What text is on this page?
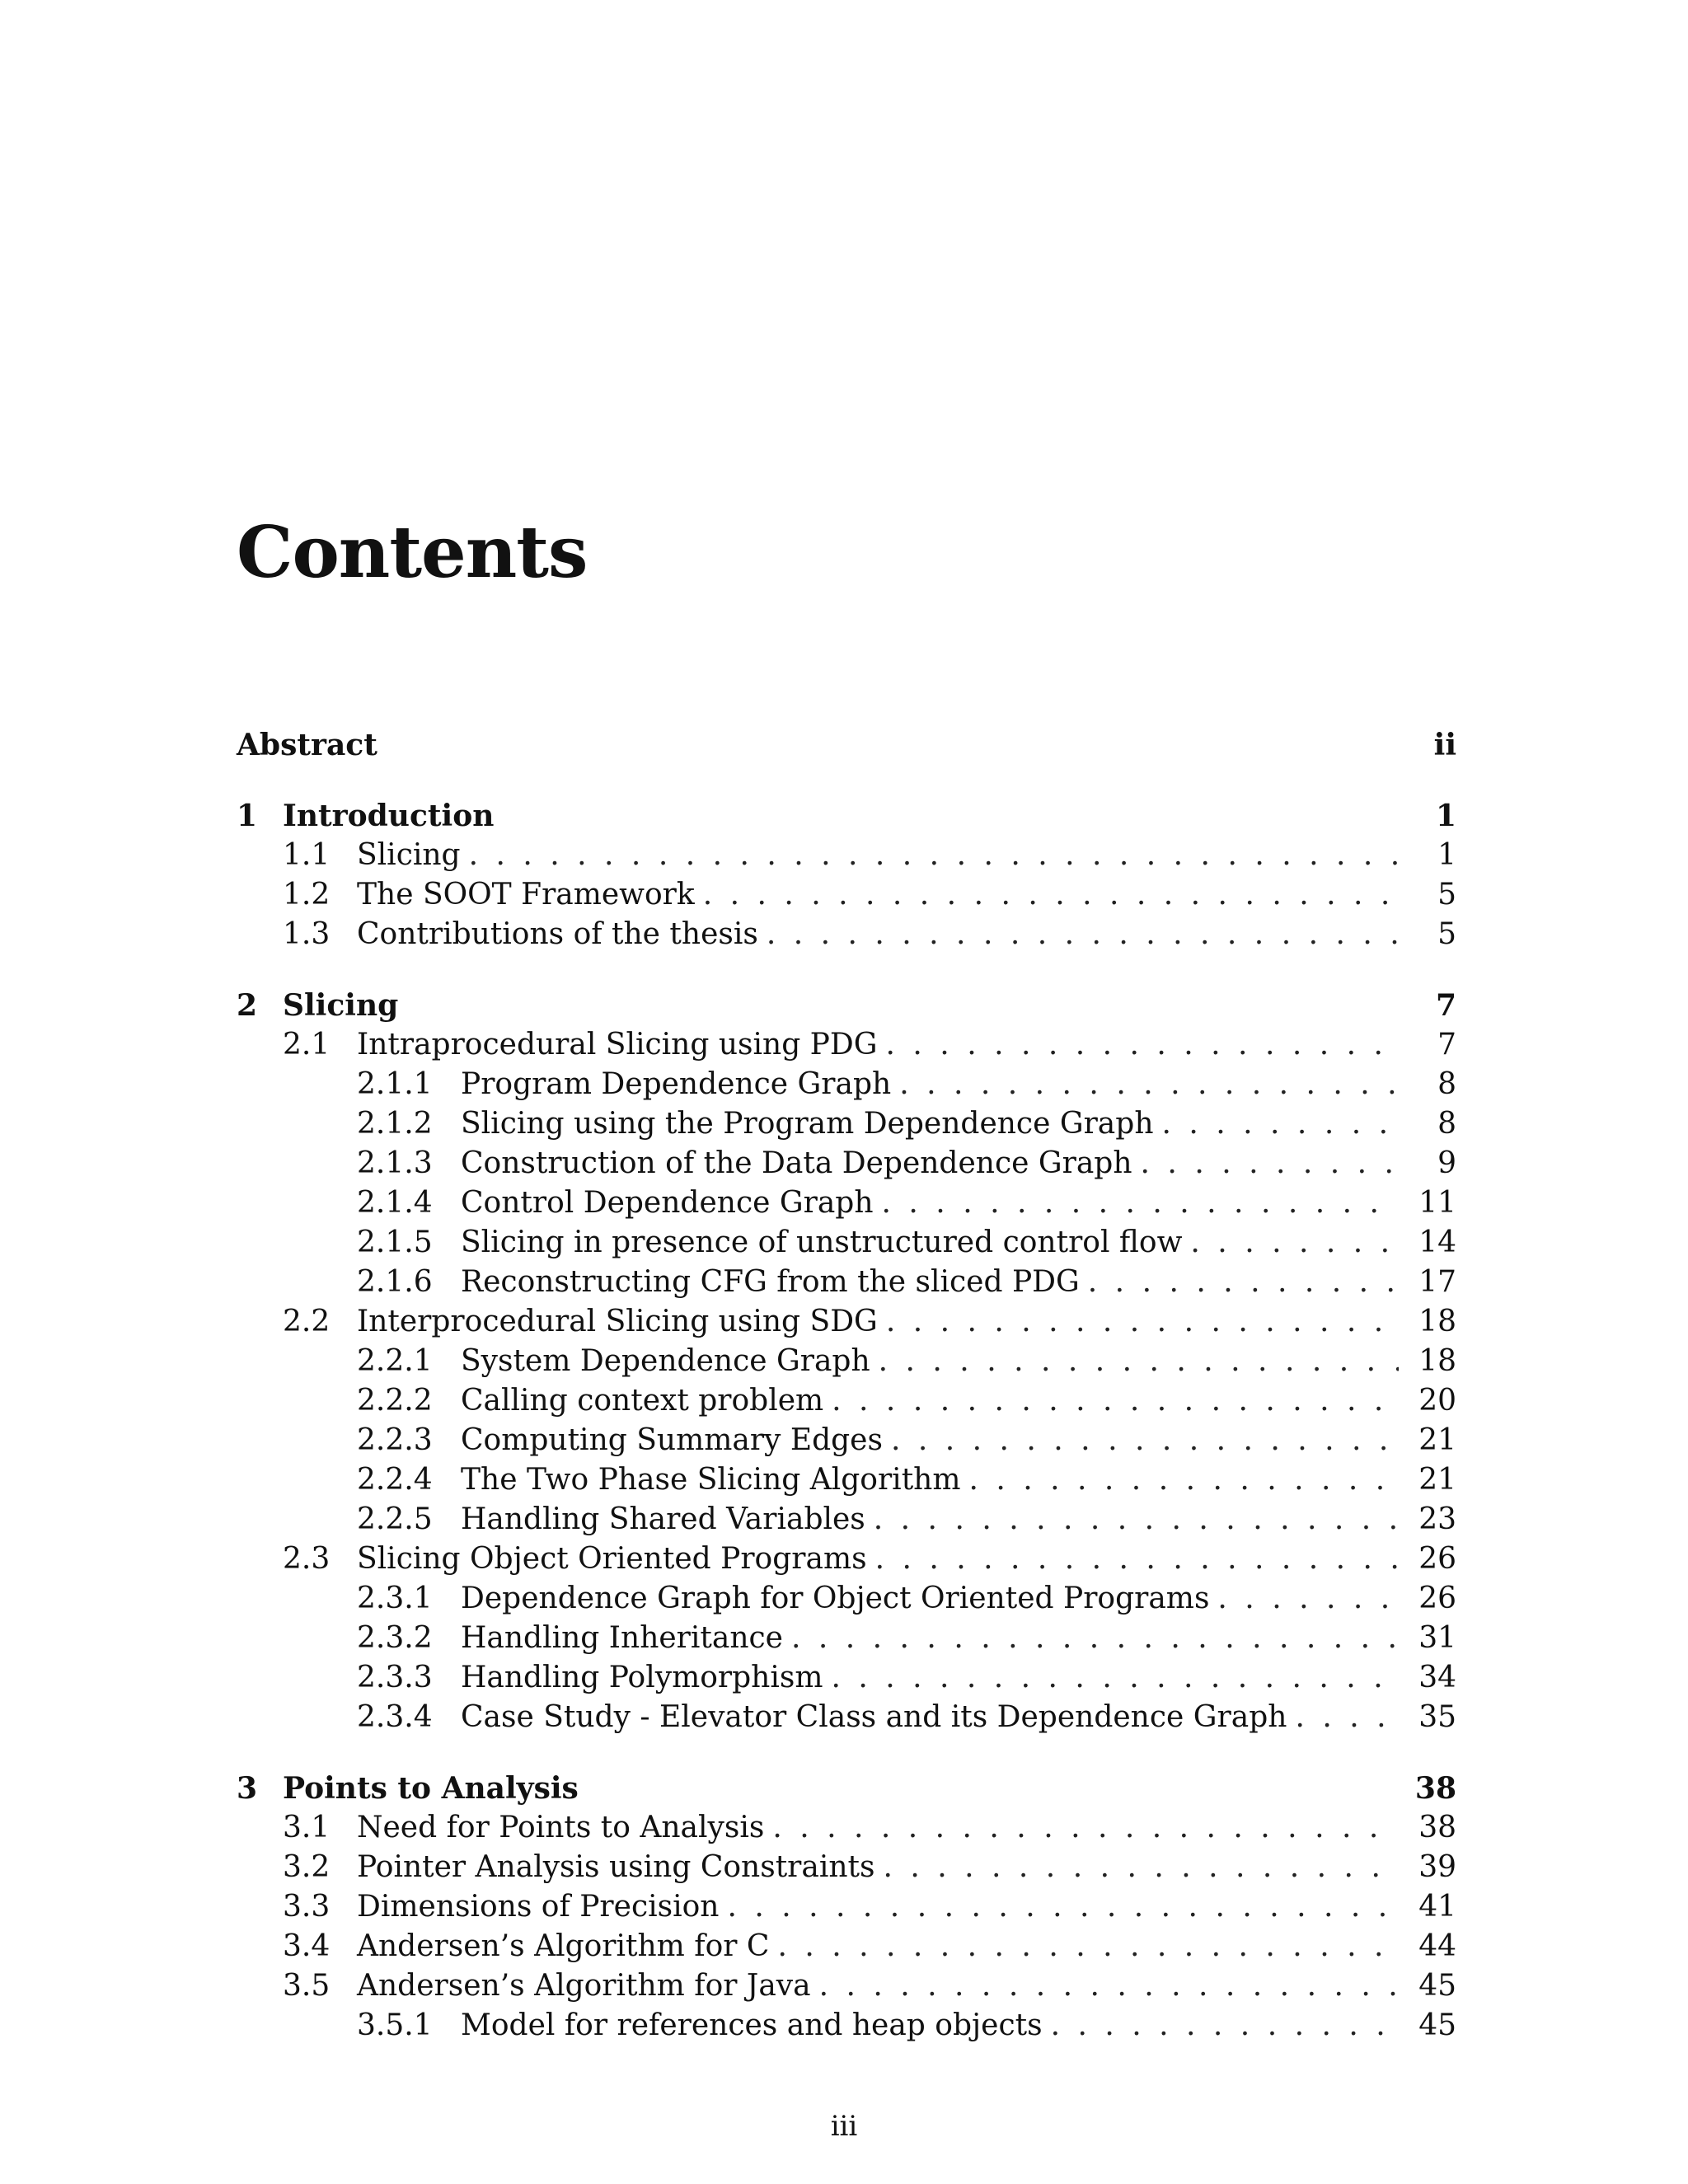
Contents
Abstract	ii
1 Introduction	1
1.1 Slicing . . .	1
1.2 The SOOT Framework . . .	5
1.3 Contributions of the thesis . . .	5
2 Slicing	7
2.1 Intraprocedural Slicing using PDG . . .	7
2.1.1 Program Dependence Graph . . .	8
2.1.2 Slicing using the Program Dependence Graph . . .	8
2.1.3 Construction of the Data Dependence Graph . . .	9
2.1.4 Control Dependence Graph . . .	11
2.1.5 Slicing in presence of unstructured control flow . . .	14
2.1.6 Reconstructing CFG from the sliced PDG . . .	17
2.2 Interprocedural Slicing using SDG . . .	18
2.2.1 System Dependence Graph . . .	18
2.2.2 Calling context problem . . .	20
2.2.3 Computing Summary Edges . . .	21
2.2.4 The Two Phase Slicing Algorithm . . .	21
2.2.5 Handling Shared Variables . . .	23
2.3 Slicing Object Oriented Programs . . .	26
2.3.1 Dependence Graph for Object Oriented Programs . . .	26
2.3.2 Handling Inheritance . . .	31
2.3.3 Handling Polymorphism . . .	34
2.3.4 Case Study - Elevator Class and its Dependence Graph . . .	35
3 Points to Analysis	38
3.1 Need for Points to Analysis . . .	38
3.2 Pointer Analysis using Constraints . . .	39
3.3 Dimensions of Precision . . .	41
3.4 Andersen’s Algorithm for C . . .	44
3.5 Andersen’s Algorithm for Java . . .	45
3.5.1 Model for references and heap objects . . .	45
iii
